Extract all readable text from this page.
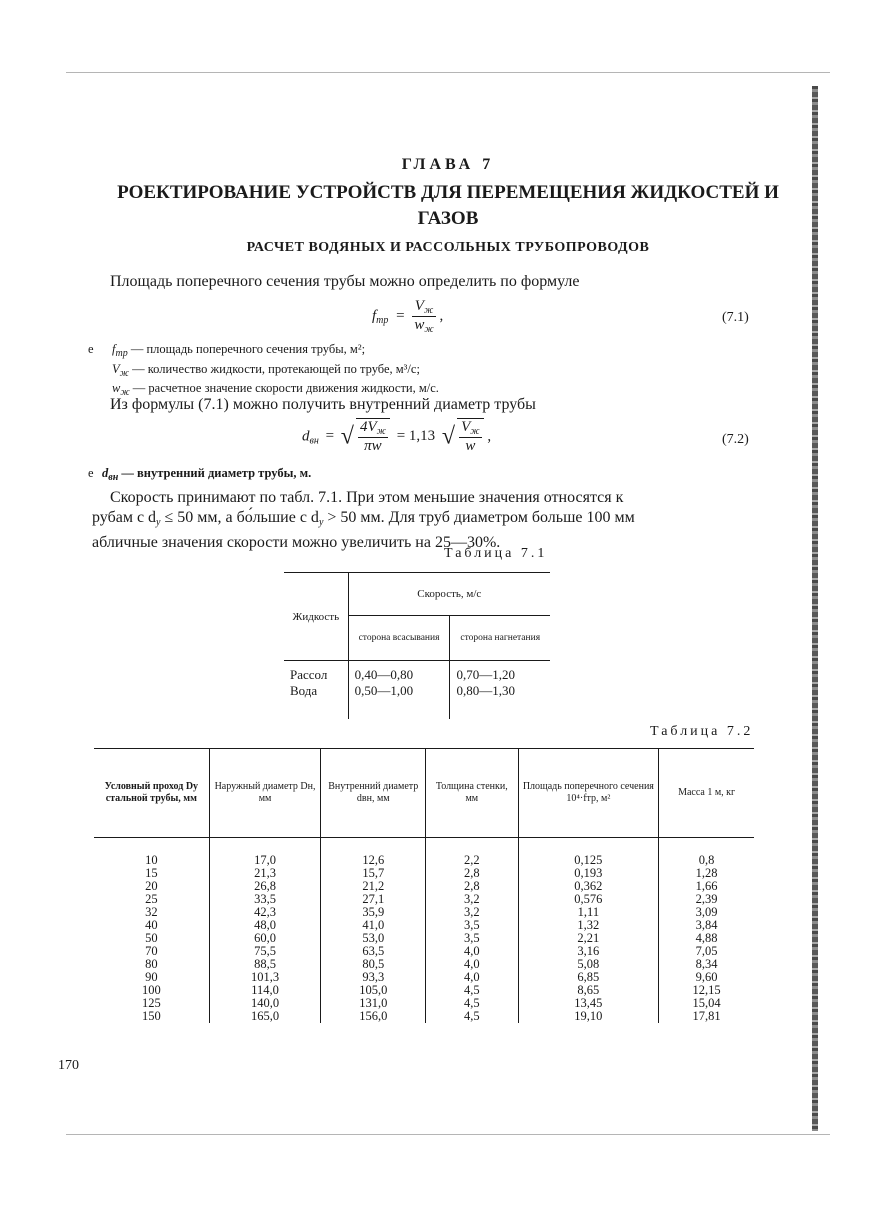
ГЛАВА 7
РОЕКТИРОВАНИЕ УСТРОЙСТВ ДЛЯ ПЕРЕМЕЩЕНИЯ ЖИДКОСТЕЙ И
ГАЗОВ
РАСЧЕТ ВОДЯНЫХ И РАССОЛЬНЫХ ТРУБОПРОВОДОВ
Площадь поперечного сечения трубы можно определить по формуле
$f_{тр} = \frac{V_ж}{w_ж}$ ,	(7.1)
е $f_{тр}$ — площадь поперечного сечения трубы, м²;
$V_ж$ — количество жидкости, протекающей по трубе, м³/с;
$w_ж$ — расчетное значение скорости движения жидкости, м/с.
Из формулы (7.1) можно получить внутренний диаметр трубы
$d_{вн}$ = √ $\frac{4V_ж}{\pi w} = 1,13$ √ $\frac{V_ж}{w}$ ,	(7.2)
е $d_{вн}$ — внутренний диаметр трубы, м.
Скорость принимают по табл. 7.1. При этом меньшие значения относятся к
рубам с $d_у \le 50$ мм, а бо́льшие с $d_у > 50$ мм. Для труб диаметром больше 100 мм
абличные значения скорости можно увеличить на 25—30%.
Таблица 7.1
Жидкость	Скорость, м/с	
	сторона всасывания	сторона нагнетания
Рассол	0,40—0,80	0,70—1,20
Вода	0,50—1,00	0,80—1,30
Таблица 7.2
Условный проход Dу стальной трубы, мм	Наружный диаметр Dн, мм	Внутренний диаметр dвн, мм	Толщина стенки, мм	Площадь поперечного сечения 10⁴·fтр, м²	Масса 1 м, кг
10	17,0	12,6	2,2	0,125	0,8
15	21,3	15,7	2,8	0,193	1,28
20	26,8	21,2	2,8	0,362	1,66
25	33,5	27,1	3,2	0,576	2,39
32	42,3	35,9	3,2	1,11	3,09
40	48,0	41,0	3,5	1,32	3,84
50	60,0	53,0	3,5	2,21	4,88
70	75,5	63,5	4,0	3,16	7,05
80	88,5	80,5	4,0	5,08	8,34
90	101,3	93,3	4,0	6,85	9,60
100	114,0	105,0	4,5	8,65	12,15
125	140,0	131,0	4,5	13,45	15,04
150	165,0	156,0	4,5	19,10	17,81
170
